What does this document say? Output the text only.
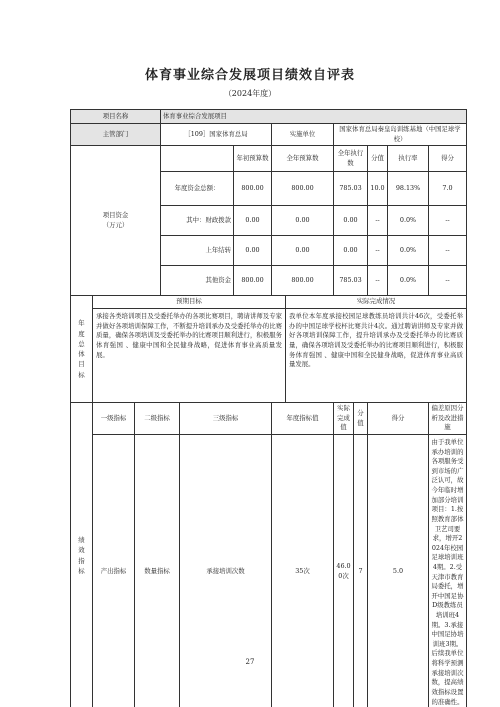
体育事业综合发展项目绩效自评表
（2024年度）
项目名称			体育事业综合发展项目									
主管部门			［109］国家体育总局			实施单位		国家体育总局秦皇岛训练基地（中国足球学校）				
项目资金
（万元）					年初预算数	全年预算数		全年执行数		分值	执行率	得分
			年度资金总额：		800.00	800.00		785.03		10.0	98.13%	7.0
			其中：财政拨款		0.00	0.00		0.00		--	0.0%	--
			上年结转		0.00	0.00		0.00		--	0.0%	--
			其他资金		800.00	800.00		785.03		--	0.0%	--
年度总体目标	预期目标						实际完成情况					
	承接各类培训项目及受委托举办的各项比赛项目，聘请讲师及专家并做好各项培训保障工作，不断提升培训承办及受委托举办的比赛质量，确保各项培训及受委托举办的比赛项目顺利进行，积极服务体育强国 、健康中国和全民健身战略，促进体育事业高质量发展。						我单位本年度承接校园足球教练员培训共计46次，受委托举办的中国足球学校杯比赛共计4次。通过聘请讲师及专家并做好各项培训保障工作，提升培训承办及受委托举办的比赛质量，确保各项培训及受委托举办的比赛项目顺利进行，积极服务体育强国 、健康中国和全民健身战略，促进体育事业高质量发展。					
绩效指标	一级指标	二级指标		三级指标		年度指标值		实际完成值	分值	得分		偏差原因分析及改进措施
	产出指标	数量指标		承接培训次数		35次		46.00次	7	5.0		由于我单位承办培训的各项服务受到市场的广泛认可，故今年临时增加部分培训项目：1.按照教育部体卫艺司要求，增开2024年校园足球培训班4期。2.受天津市教育局委托，增开中国足协D级教练员培训班4期。3.承接中国足协培训班3期。后续我单位将科学预测承接培训次数，提高绩效指标设置的准确性。
27
